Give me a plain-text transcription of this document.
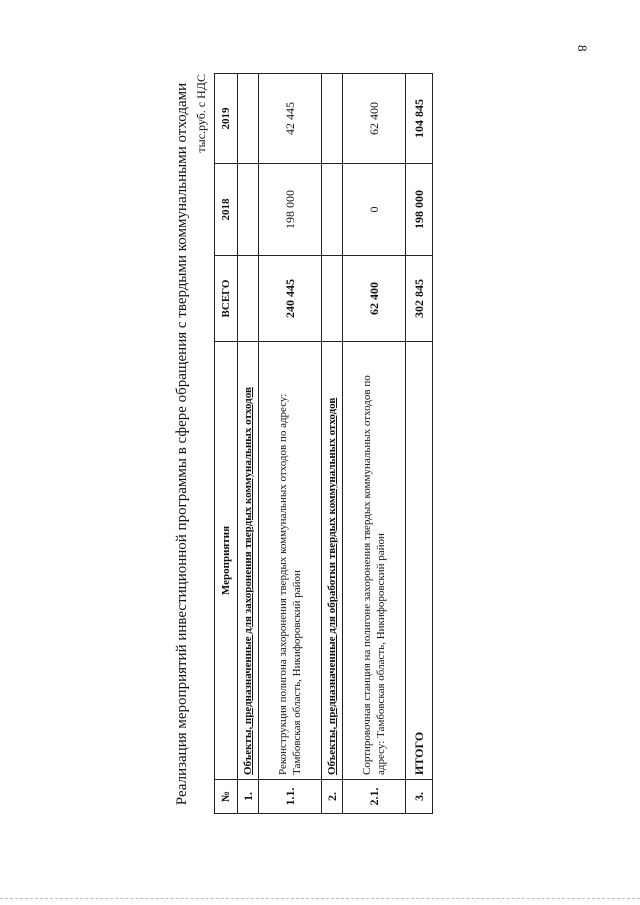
8
Реализация мероприятий инвестиционной программы в сфере обращения с твердыми коммунальными отходами тыс.руб. с НДС
№	Мероприятия	ВСЕГО	2018	2019
1.	Объекты, предназначенные для захоронения твердых коммунальных отходов			
1.1.	Реконструкция полигона захоронения твердых коммунальных отходов по адресу: Тамбовская область, Никифоровский район	240 445	198 000	42 445
2.	Объекты, предназначенные для обработки твердых коммунальных отходов			
2.1.	Сортировочная станция на полигоне захоронения твердых коммунальных отходов по адресу: Тамбовская область, Никифоровский район	62 400	0	62 400
3.	ИТОГО	302 845	198 000	104 845
